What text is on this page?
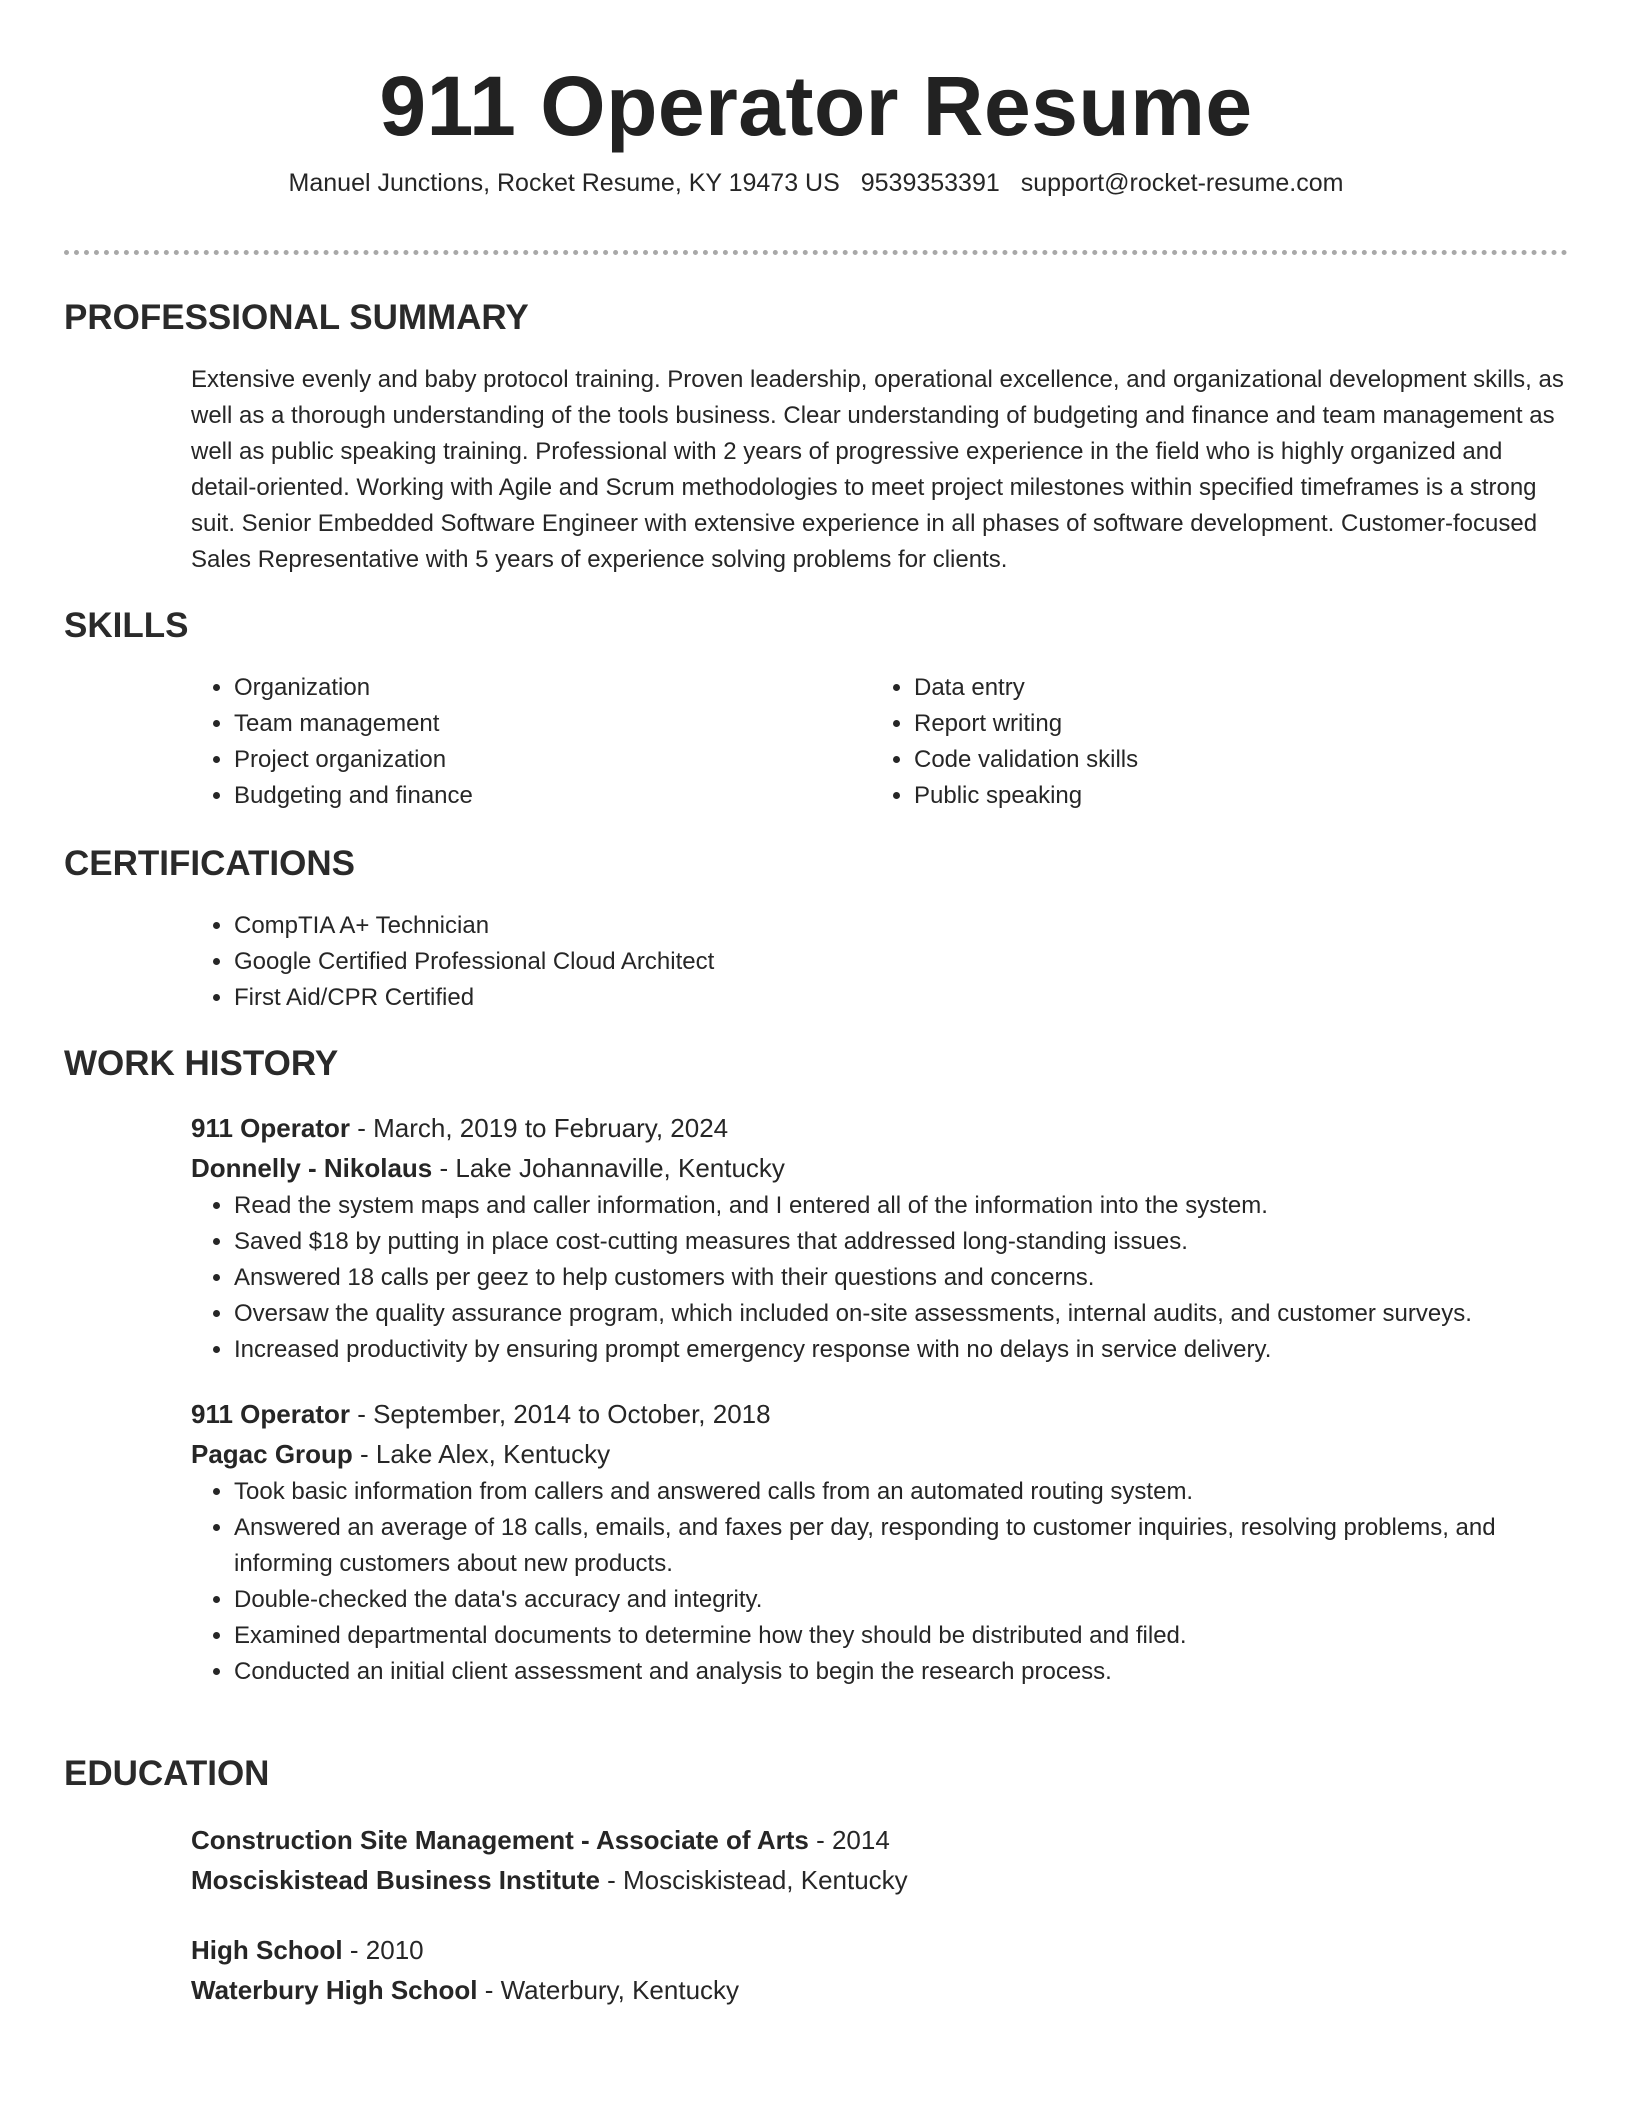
911 Operator Resume
Manuel Junctions, Rocket Resume, KY 19473 US 9539353391 support@rocket-resume.com
PROFESSIONAL SUMMARY

Extensive evenly and baby protocol training. Proven leadership, operational excellence, and organizational development skills, as well as a thorough understanding of the tools business. Clear understanding of budgeting and finance and team management as well as public speaking training. Professional with 2 years of progressive experience in the field who is highly organized and detail-oriented. Working with Agile and Scrum methodologies to meet project milestones within specified timeframes is a strong suit. Senior Embedded Software Engineer with extensive experience in all phases of software development. Customer-focused Sales Representative with 5 years of experience solving problems for clients.

SKILLS
• Organization
• Team management
• Project organization
• Budgeting and finance
• Data entry
• Report writing
• Code validation skills
• Public speaking
CERTIFICATIONS
• CompTIA A+ Technician
• Google Certified Professional Cloud Architect
• First Aid/CPR Certified
WORK HISTORY
911 Operator - March, 2019 to February, 2024
Donnelly - Nikolaus - Lake Johannaville, Kentucky
• Read the system maps and caller information, and I entered all of the information into the system.
• Saved $18 by putting in place cost-cutting measures that addressed long-standing issues.
• Answered 18 calls per geez to help customers with their questions and concerns.
• Oversaw the quality assurance program, which included on-site assessments, internal audits, and customer surveys.
• Increased productivity by ensuring prompt emergency response with no delays in service delivery.
911 Operator - September, 2014 to October, 2018
Pagac Group - Lake Alex, Kentucky
• Took basic information from callers and answered calls from an automated routing system.
• Answered an average of 18 calls, emails, and faxes per day, responding to customer inquiries, resolving problems, and informing customers about new products.
• Double-checked the data's accuracy and integrity.
• Examined departmental documents to determine how they should be distributed and filed.
• Conducted an initial client assessment and analysis to begin the research process.
EDUCATION
Construction Site Management - Associate of Arts - 2014
Mosciskistead Business Institute - Mosciskistead, Kentucky
High School - 2010
Waterbury High School - Waterbury, Kentucky
